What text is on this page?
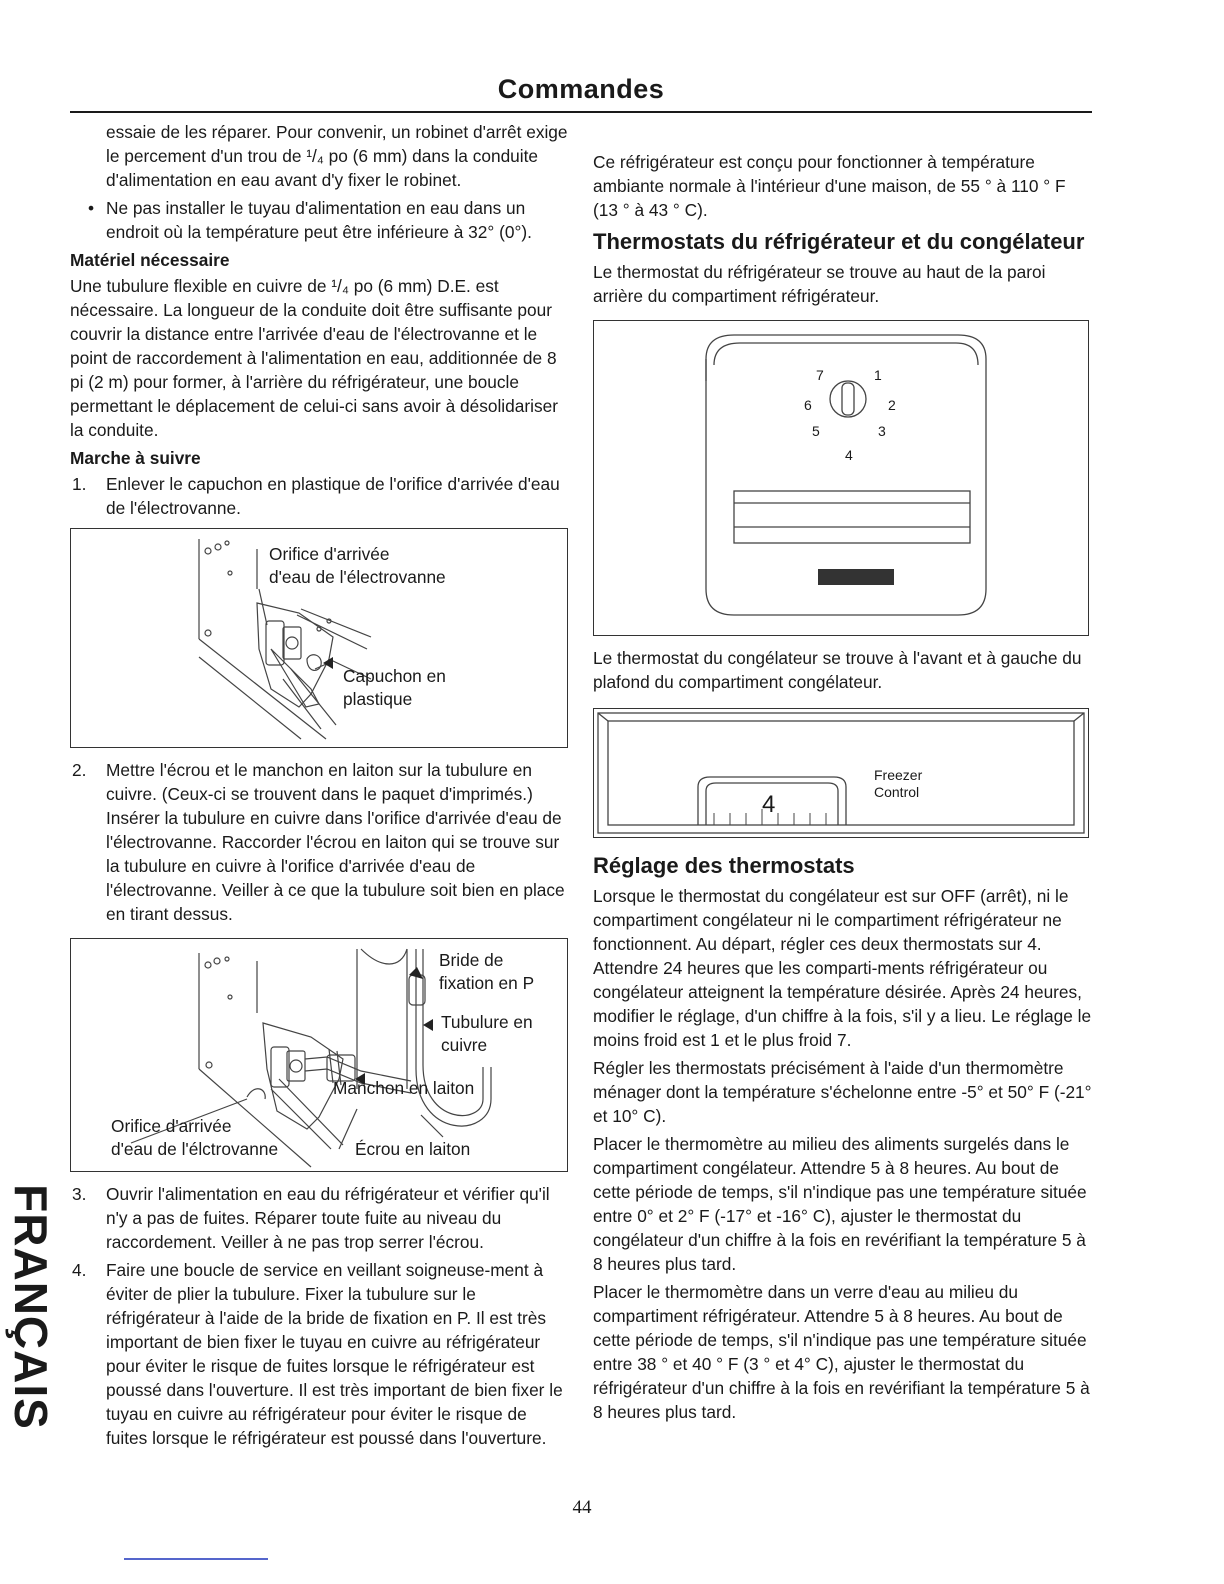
Commandes

essaie de les réparer. Pour convenir, un robinet d'arrêt exige le percement d'un trou de ¹/₄ po (6 mm) dans la conduite d'alimentation en eau avant d'y fixer le robinet.

• Ne pas installer le tuyau d'alimentation en eau dans un endroit où la température peut être inférieure à 32° (0°).
Matériel nécessaire

Une tubulure flexible en cuivre de ¹/₄ po (6 mm) D.E. est nécessaire. La longueur de la conduite doit être suffisante pour couvrir la distance entre l'arrivée d'eau de l'électrovanne et le point de raccordement à l'alimentation en eau, additionnée de 8 pi (2 m) pour former, à l'arrière du réfrigérateur, une boucle permettant le déplacement de celui-ci sans avoir à désolidariser la conduite.

Marche à suivre
1. Enlever le capuchon en plastique de l'orifice d'arrivée d'eau de l'électrovanne.
Orifice d'arrivée
d'eau de l'électrovanne
Capuchon en
plastique
2. Mettre l'écrou et le manchon en laiton sur la tubulure en cuivre. (Ceux-ci se trouvent dans le paquet d'imprimés.) Insérer la tubulure en cuivre dans l'orifice d'arrivée d'eau de l'électrovanne. Raccorder l'écrou en laiton qui se trouve sur la tubulure en cuivre à l'orifice d'arrivée d'eau de l'électrovanne. Veiller à ce que la tubulure soit bien en place en tirant dessus.
Bride de
fixation en P
Tubulure en
cuivre
Manchon en laiton
Orifice d'arrivée
d'eau de l'élctrovanne	Écrou en laiton
3. Ouvrir l'alimentation en eau du réfrigérateur et vérifier qu'il n'y a pas de fuites. Réparer toute fuite au niveau du raccordement. Veiller à ne pas trop serrer l'écrou.
4. Faire une boucle de service en veillant soigneuse-ment à éviter de plier la tubulure. Fixer la tubulure sur le réfrigérateur à l'aide de la bride de fixation en P. Il est très important de bien fixer le tuyau en cuivre au réfrigérateur pour éviter le risque de fuites lorsque le réfrigérateur est poussé dans l'ouverture. Il est très important de bien fixer le tuyau en cuivre au réfrigérateur pour éviter le risque de fuites lorsque le réfrigérateur est poussé dans l'ouverture.

Ce réfrigérateur est conçu pour fonctionner à température ambiante normale à l'intérieur d'une maison, de 55 ° à 110 ° F (13 ° à 43 ° C).

Thermostats du réfrigérateur et du congélateur

Le thermostat du réfrigérateur se trouve au haut de la paroi arrière du compartiment réfrigérateur.

7	1
6	2
5	3
4

Le thermostat du congélateur se trouve à l'avant et à gauche du plafond du compartiment congélateur.

4
Freezer
Control
Réglage des thermostats

Lorsque le thermostat du congélateur est sur OFF (arrêt), ni le compartiment congélateur ni le compartiment réfrigérateur ne fonctionnent. Au départ, régler ces deux thermostats sur 4. Attendre 24 heures que les comparti-ments réfrigérateur ou congélateur atteignent la température désirée. Après 24 heures, modifier le réglage, d'un chiffre à la fois, s'il y a lieu. Le réglage le moins froid est 1 et le plus froid 7.

Régler les thermostats précisément à l'aide d'un thermomètre ménager dont la température s'échelonne entre -5° et 50° F (-21° et 10° C).

Placer le thermomètre au milieu des aliments surgelés dans le compartiment congélateur. Attendre 5 à 8 heures. Au bout de cette période de temps, s'il n'indique pas une température située entre 0° et 2° F (-17° et -16° C), ajuster le thermostat du congélateur d'un chiffre à la fois en revérifiant la température 5 à 8 heures plus tard.

Placer le thermomètre dans un verre d'eau au milieu du compartiment réfrigérateur. Attendre 5 à 8 heures. Au bout de cette période de temps, s'il n'indique pas une température située entre 38 ° et 40 ° F (3 ° et 4° C), ajuster le thermostat du réfrigérateur d'un chiffre à la fois en revérifiant la température 5 à 8 heures plus tard.

44
FRANÇAIS
